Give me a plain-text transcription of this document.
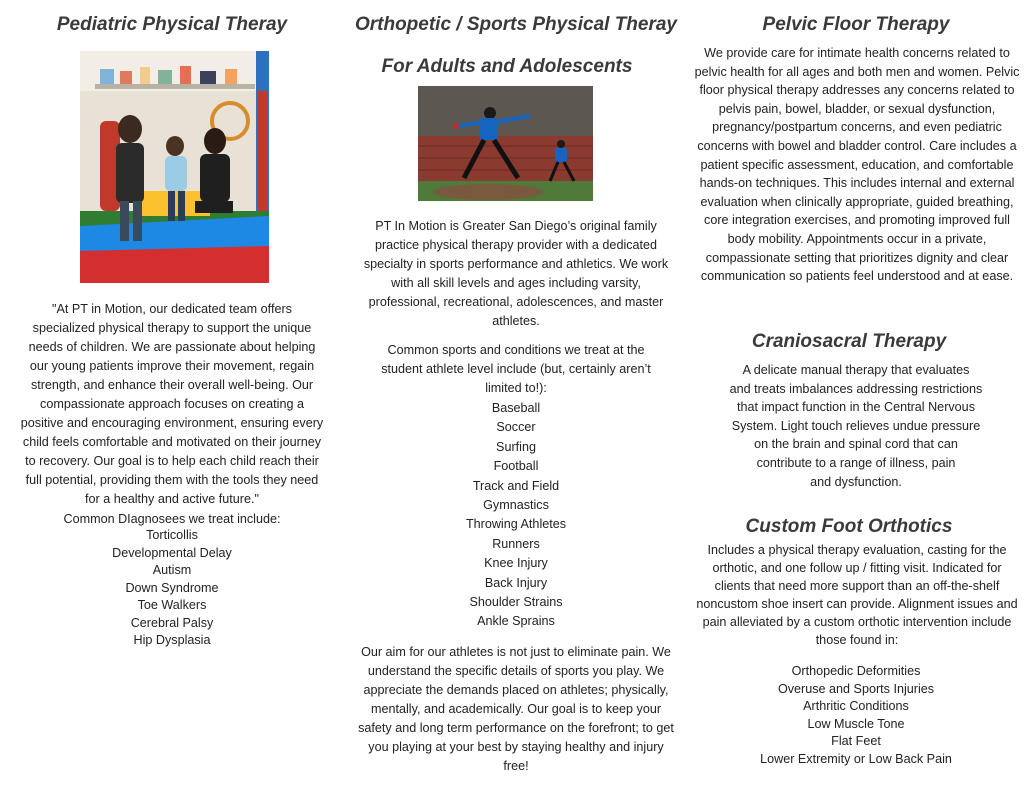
Pediatric Physical Theray

"At PT in Motion, our dedicated team offers specialized physical therapy to support the unique needs of children. We are passionate about helping our young patients improve their movement, regain strength, and enhance their overall well-being. Our compassionate approach focuses on creating a positive and encouraging environment, ensuring every child feels comfortable and motivated on their journey to recovery. Our goal is to help each child reach their full potential, providing them with the tools they need for a healthy and active future."

Common DIagnosees we treat include:

Torticollis
Developmental Delay
Autism
Down Syndrome
Toe Walkers
Cerebral Palsy
Hip Dysplasia
Orthopetic / Sports Physical Theray
For Adults and Adolescents

PT In Motion is Greater San Diego’s original family practice physical therapy provider with a dedicated specialty in sports performance and athletics. We work with all skill levels and ages including varsity, professional, recreational, adolescences, and master athletes.

Common sports and conditions we treat at the student athlete level include (but, certainly aren’t limited to!):

Baseball
Soccer
Surfing
Football
Track and Field
Gymnastics
Throwing Athletes
Runners
Knee Injury
Back Injury
Shoulder Strains
Ankle Sprains

Our aim for our athletes is not just to eliminate pain. We understand the specific details of sports you play. We appreciate the demands placed on athletes; physically, mentally, and academically. Our goal is to keep your safety and long term performance on the forefront; to get you playing at your best by staying healthy and injury free!

Pelvic Floor Therapy

We provide care for intimate health concerns related to pelvic health for all ages and both men and women. Pelvic floor physical therapy addresses any concerns related to pelvis pain, bowel, bladder, or sexual dysfunction, pregnancy/postpartum concerns, and even pediatric concerns with bowel and bladder control. Care includes a patient specific assessment, education, and comfortable hands-on techniques. This includes internal and external evaluation when clinically appropriate, guided breathing, core integration exercises, and promoting improved full body mobility. Appointments occur in a private, compassionate setting that prioritizes dignity and clear communication so patients feel understood and at ease.

Craniosacral Therapy
A delicate manual therapy that evaluates
and treats imbalances addressing restrictions
that impact function in the Central Nervous
System. Light touch relieves undue pressure
on the brain and spinal cord that can
contribute to a range of illness, pain
and dysfunction.
Custom Foot Orthotics

Includes a physical therapy evaluation, casting for the orthotic, and one follow up / fitting visit. Indicated for clients that need more support than an off-the-shelf noncustom shoe insert can provide. Alignment issues and pain alleviated by a custom orthotic intervention include those found in:

Orthopedic Deformities
Overuse and Sports Injuries
Arthritic Conditions
Low Muscle Tone
Flat Feet
Lower Extremity or Low Back Pain
